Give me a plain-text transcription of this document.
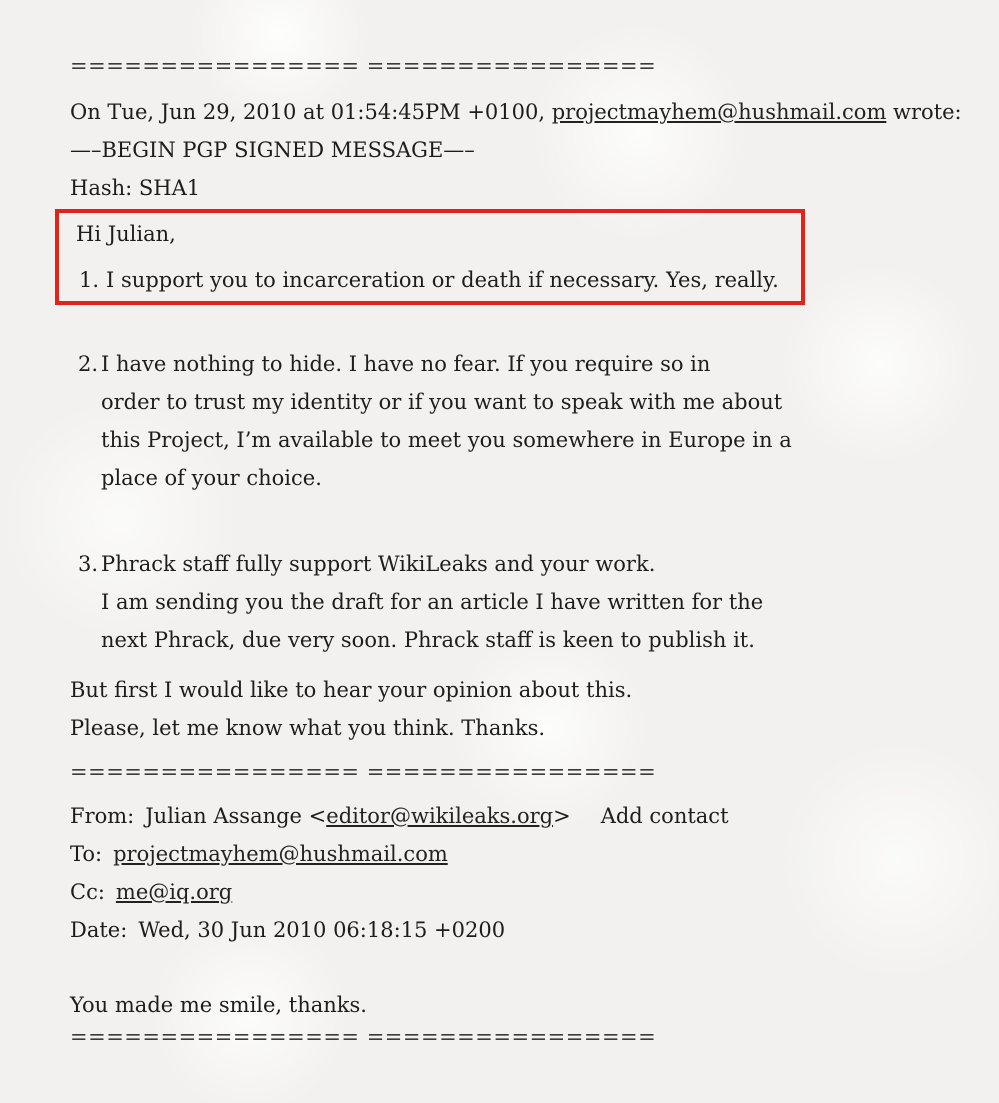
================ ================

On Tue, Jun 29, 2010 at 01:54:45PM +0100, projectmayhem@hushmail.com wrote:

—–BEGIN PGP SIGNED MESSAGE—–

Hash: SHA1

Hi Julian,

1. I support you to incarceration or death if necessary. Yes, really.

2. I have nothing to hide. I have no fear. If you require so in
order to trust my identity or if you want to speak with me about
this Project, I’m available to meet you somewhere in Europe in a
place of your choice.
3. Phrack staff fully support WikiLeaks and your work.
I am sending you the draft for an article I have written for the
next Phrack, due very soon. Phrack staff is keen to publish it.

But first I would like to hear your opinion about this.

Please, let me know what you think. Thanks.

================ ================
From: Julian Assange <editor@wikileaks.org> Add contact
To: projectmayhem@hushmail.com
Cc: me@iq.org
Date: Wed, 30 Jun 2010 06:18:15 +0200

You made me smile, thanks.

================ ================
